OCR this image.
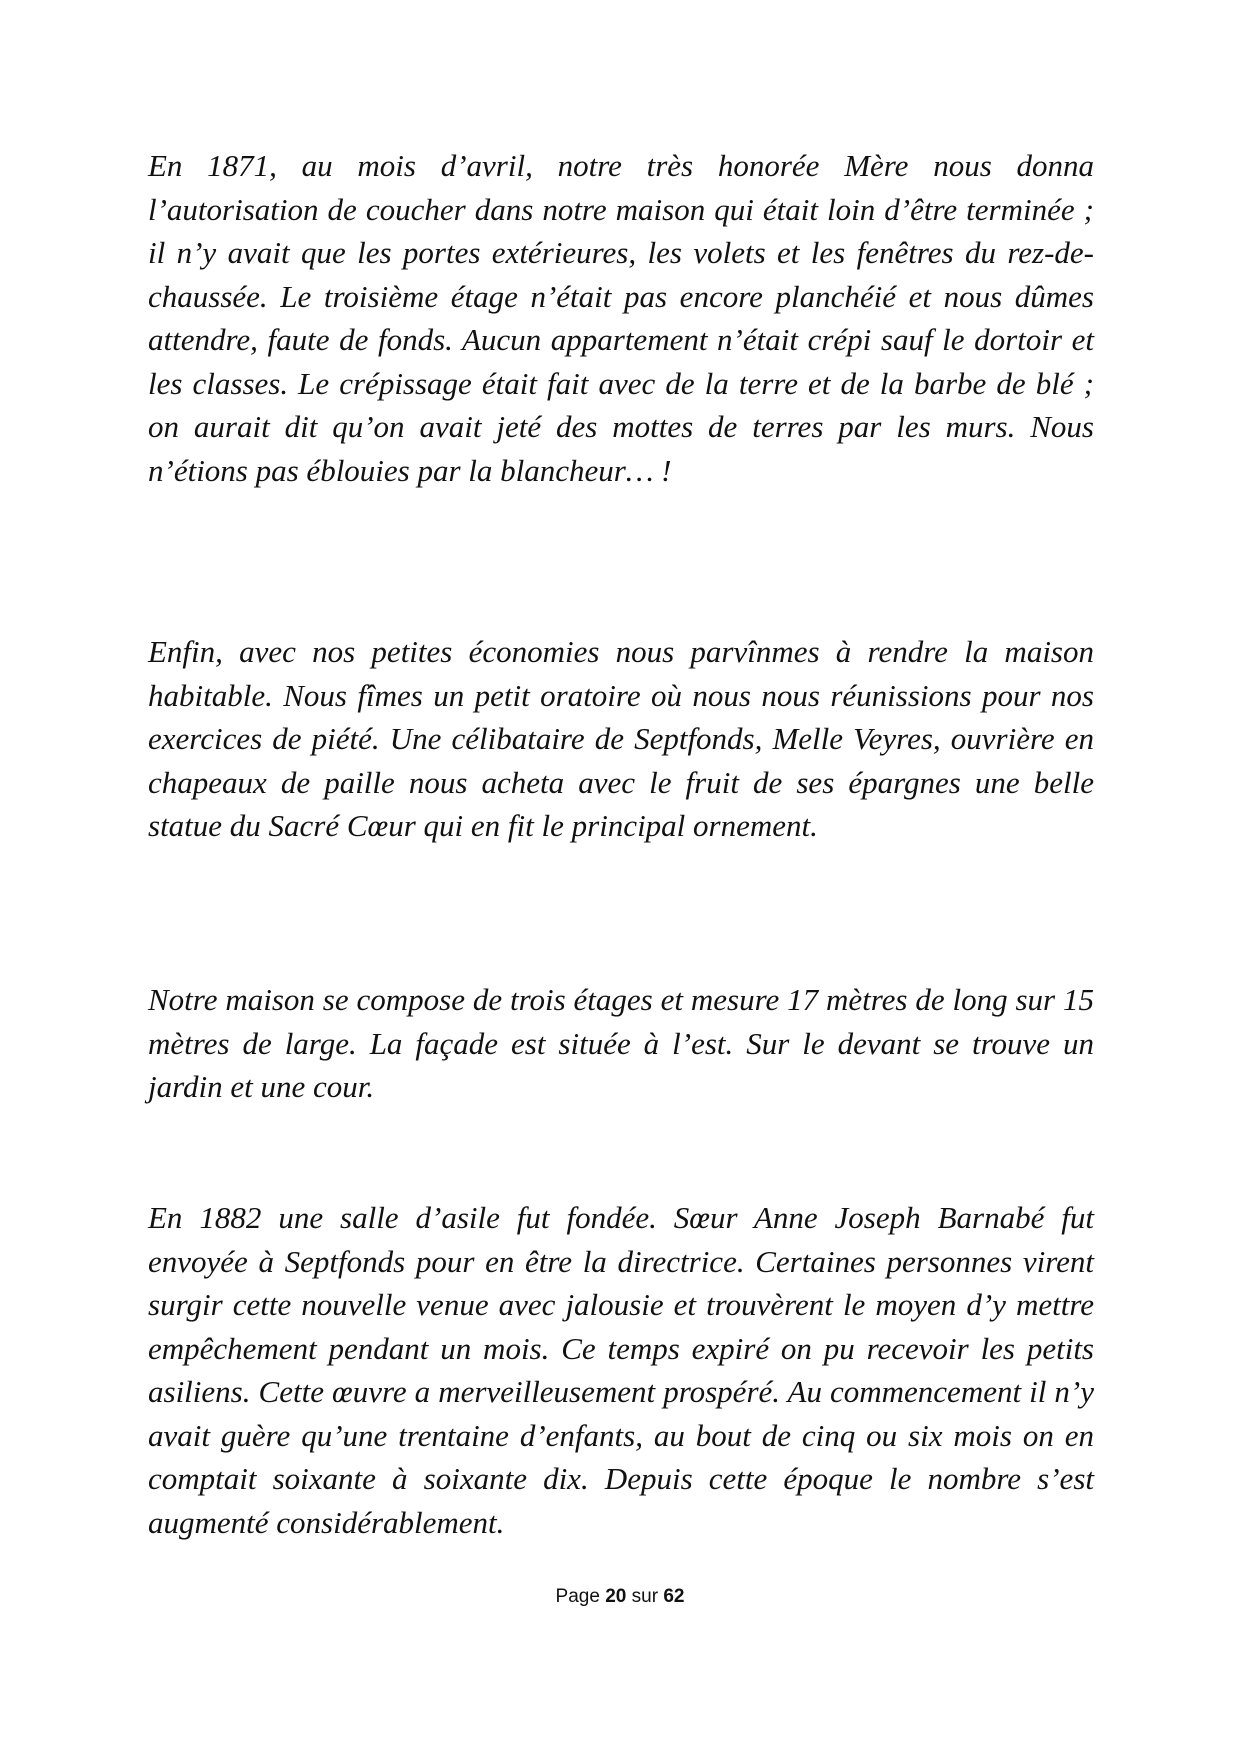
En 1871, au mois d’avril, notre très honorée Mère nous donna l’autorisation de coucher dans notre maison qui était loin d’être terminée ; il n’y avait que les portes extérieures, les volets et les fenêtres du rez-de-chaussée. Le troisième étage n’était pas encore planchéié et nous dûmes attendre, faute de fonds. Aucun appartement n’était crépi sauf le dortoir et les classes. Le crépissage était fait avec de la terre et de la barbe de blé ; on aurait dit qu’on avait jeté des mottes de terres par les murs. Nous n’étions pas éblouies par la blancheur… !

Enfin, avec nos petites économies nous parvînmes à rendre la maison habitable. Nous fîmes un petit oratoire où nous nous réunissions pour nos exercices de piété. Une célibataire de Septfonds, Melle Veyres, ouvrière en chapeaux de paille nous acheta avec le fruit de ses épargnes une belle statue du Sacré Cœur qui en fit le principal ornement.

Notre maison se compose de trois étages et mesure 17 mètres de long sur 15 mètres de large. La façade est située à l’est. Sur le devant se trouve un jardin et une cour.

En 1882 une salle d’asile fut fondée. Sœur Anne Joseph Barnabé fut envoyée à Septfonds pour en être la directrice. Certaines personnes virent surgir cette nouvelle venue avec jalousie et trouvèrent le moyen d’y mettre empêchement pendant un mois. Ce temps expiré on pu recevoir les petits asiliens. Cette œuvre a merveilleusement prospéré. Au commencement il n’y avait guère qu’une trentaine d’enfants, au bout de cinq ou six mois on en comptait soixante à soixante dix. Depuis cette époque le nombre s’est augmenté considérablement.

Page 20 sur 62
